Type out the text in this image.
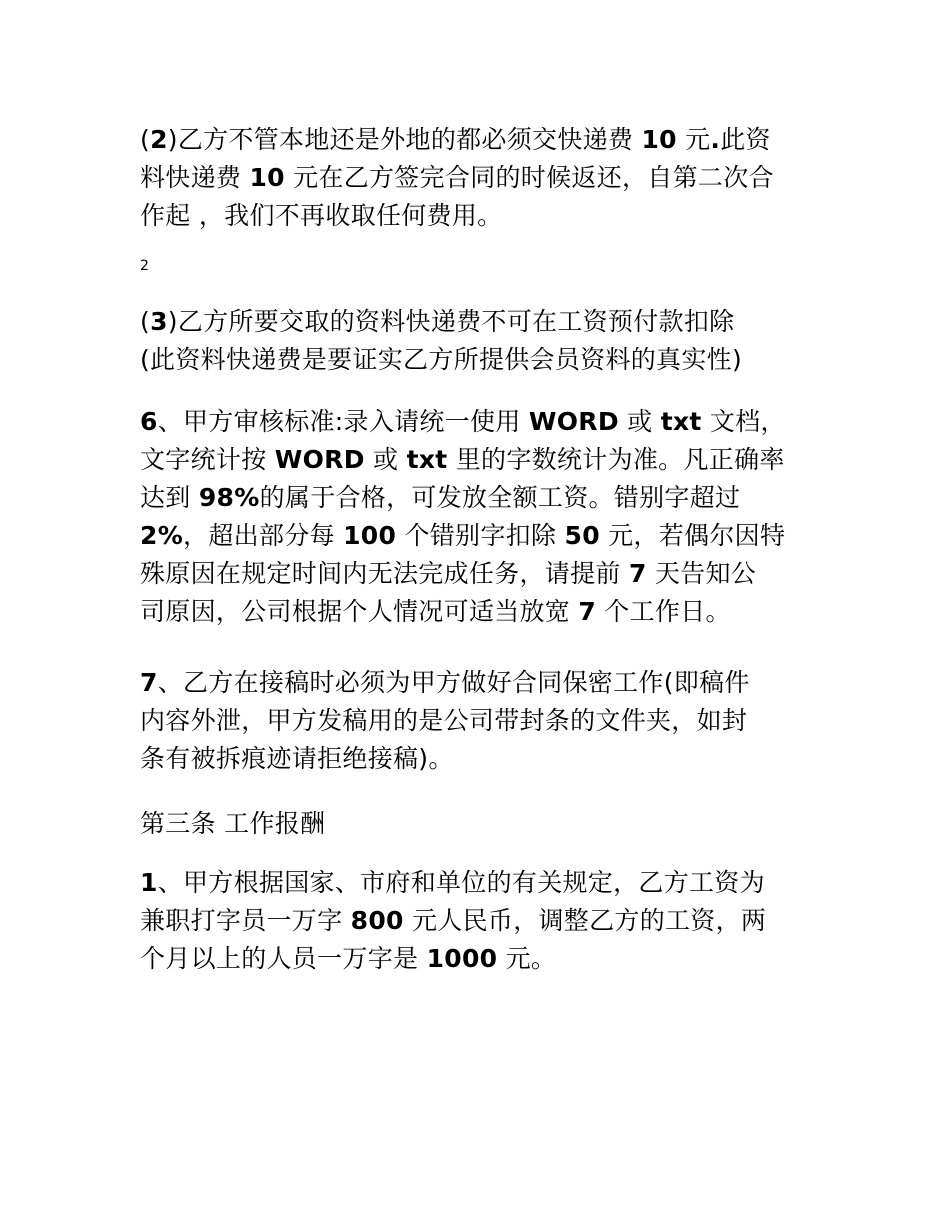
(2)乙方不管本地还是外地的都必须交快递费 10 元.此资
料快递费 10 元在乙方签完合同的时候返还，自第二次合
作起 ，我们不再收取任何费用。
2
(3)乙方所要交取的资料快递费不可在工资预付款扣除
(此资料快递费是要证实乙方所提供会员资料的真实性)
6、甲方审核标准:录入请统一使用 WORD 或 txt 文档，
文字统计按 WORD 或 txt 里的字数统计为准。凡正确率
达到 98%的属于合格，可发放全额工资。错别字超过
2%，超出部分每 100 个错别字扣除 50 元，若偶尔因特
殊原因在规定时间内无法完成任务，请提前 7 天告知公
司原因，公司根据个人情况可适当放宽 7 个工作日。
7、乙方在接稿时必须为甲方做好合同保密工作(即稿件
内容外泄，甲方发稿用的是公司带封条的文件夹，如封
条有被拆痕迹请拒绝接稿)。
第三条 工作报酬
1、甲方根据国家、市府和单位的有关规定，乙方工资为
兼职打字员一万字 800 元人民币，调整乙方的工资，两
个月以上的人员一万字是 1000 元。
